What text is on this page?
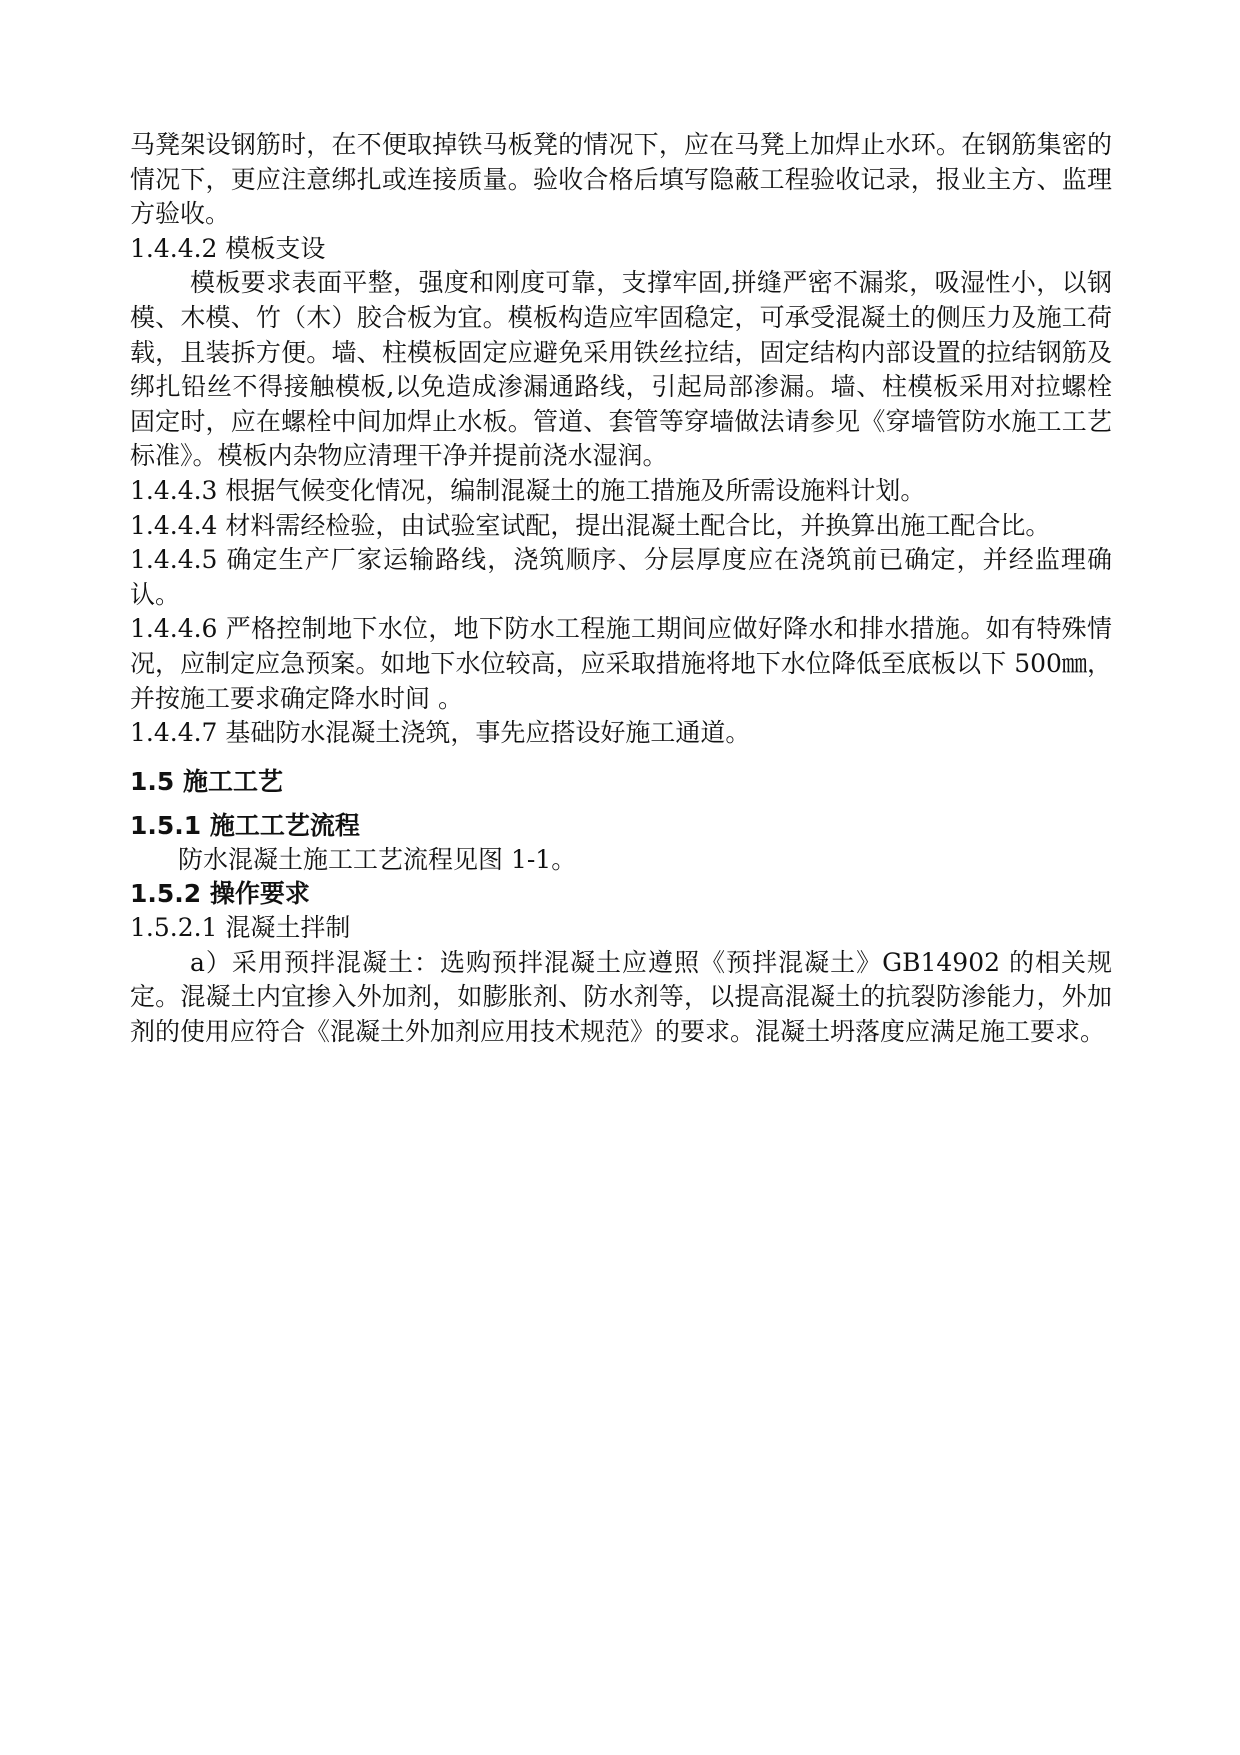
马凳架设钢筋时，在不便取掉铁马板凳的情况下，应在马凳上加焊止水环。在钢筋集密的情况下，更应注意绑扎或连接质量。验收合格后填写隐蔽工程验收记录，报业主方、监理方验收。

1.4.4.2 模板支设

模板要求表面平整，强度和刚度可靠，支撑牢固,拼缝严密不漏浆，吸湿性小，以钢模、木模、竹（木）胶合板为宜。模板构造应牢固稳定，可承受混凝土的侧压力及施工荷载，且装拆方便。墙、柱模板固定应避免采用铁丝拉结，固定结构内部设置的拉结钢筋及绑扎铅丝不得接触模板,以免造成渗漏通路线，引起局部渗漏。墙、柱模板采用对拉螺栓固定时，应在螺栓中间加焊止水板。管道、套管等穿墙做法请参见《穿墙管防水施工工艺标准》。模板内杂物应清理干净并提前浇水湿润。

1.4.4.3 根据气候变化情况，编制混凝土的施工措施及所需设施料计划。

1.4.4.4 材料需经检验，由试验室试配，提出混凝土配合比，并换算出施工配合比。

1.4.4.5 确定生产厂家运输路线，浇筑顺序、分层厚度应在浇筑前已确定，并经监理确认。

1.4.4.6 严格控制地下水位，地下防水工程施工期间应做好降水和排水措施。如有特殊情况，应制定应急预案。如地下水位较高，应采取措施将地下水位降低至底板以下 500㎜，并按施工要求确定降水时间 。

1.4.4.7 基础防水混凝土浇筑，事先应搭设好施工通道。

1.5 施工工艺

1.5.1 施工工艺流程

防水混凝土施工工艺流程见图 1-1。

1.5.2 操作要求

1.5.2.1 混凝土拌制

a）采用预拌混凝土：选购预拌混凝土应遵照《预拌混凝土》GB14902 的相关规定。混凝土内宜掺入外加剂，如膨胀剂、防水剂等，以提高混凝土的抗裂防渗能力，外加剂的使用应符合《混凝土外加剂应用技术规范》的要求。混凝土坍落度应满足施工要求。
